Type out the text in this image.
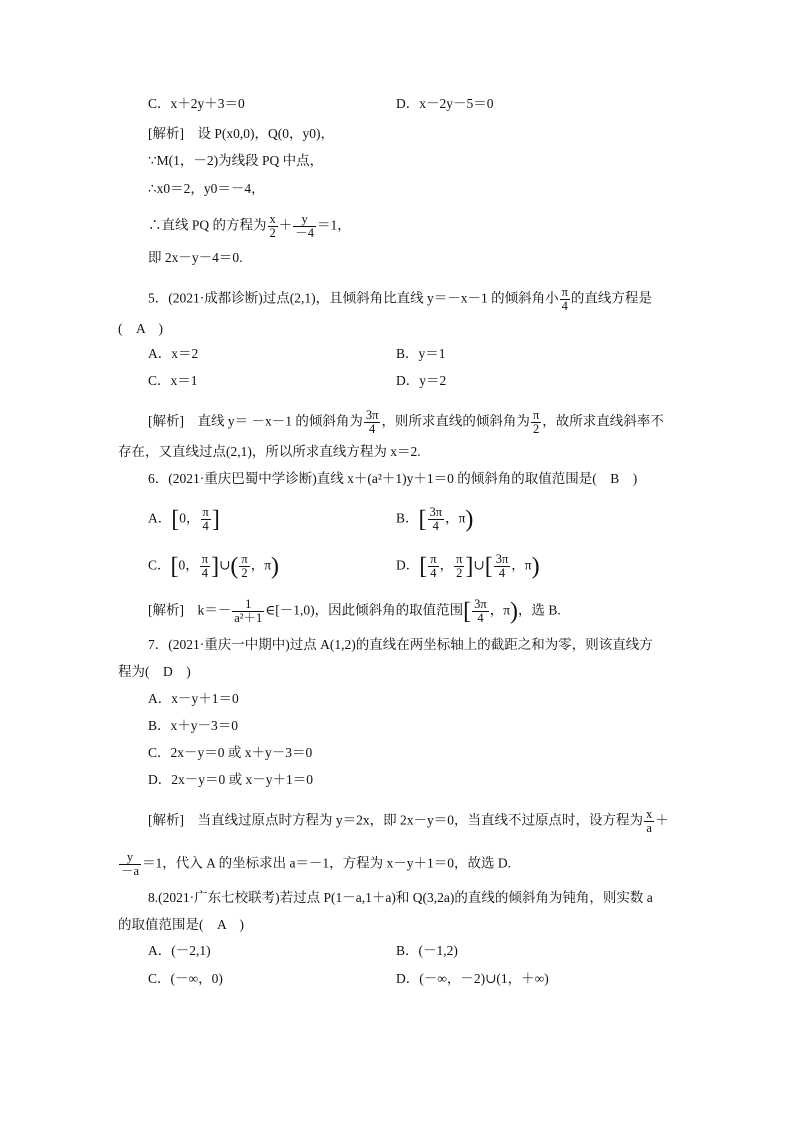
C．x＋2y＋3＝0	D．x－2y－5＝0
[解析]　设 P(x0,0)，Q(0，y0)，
∵M(1，－2)为线段 PQ 中点，
∴x0＝2，y0＝－4，
∴直线 PQ 的方程为 $\frac{x}{2} + \frac{y}{-4} =1$，
即 2x－y－4＝0.
5．(2021·成都诊断)过点(2,1)，且倾斜角比直线 y＝－x－1 的倾斜角小 $\frac{\pi}{4}$ 的直线方程是
(　A　)
A．x＝2	B．y＝1
C．x＝1	D．y＝2
[解析]　直线 y＝ －x－1 的倾斜角为 $\frac{3\pi}{4}$ ，则所求直线的倾斜角为 $\frac{\pi}{2}$ ，故所求直线斜率不
存在，又直线过点(2,1)，所以所求直线方程为 x＝2.
6．(2021·重庆巴蜀中学诊断)直线 x＋(a²＋1)y＋1＝0 的倾斜角的取值范围是(　B　)
A．[0， $\frac{\pi}{4}$ ]	B．[ $\frac{3\pi}{4}$ ，π)
C．[0， $\frac{\pi}{4}$ ]∪( $\frac{\pi}{2}$ ，π)	D．[ $\frac{\pi}{4}$ ， $\frac{\pi}{2}$ ]∪[ $\frac{3\pi}{4}$ ，π)
[解析]　$k=- \frac{1}{\text{a²＋1}}$ ∈[－1,0)，因此倾斜角的取值范围[ $\frac{3\pi}{4}$ ，π)，选 B.
7．(2021·重庆一中期中)过点 A(1,2)的直线在两坐标轴上的截距之和为零，则该直线方
程为(　D　)
A．x－y＋1＝0
B．x＋y－3＝0
C．2x－y＝0 或 x＋y－3＝0
D．2x－y＝0 或 x－y＋1＝0
[解析]　当直线过原点时方程为 y＝2x，即 2x－y＝0，当直线不过原点时，设方程为 $\frac{x}{a}$ ＋
$\frac{y}{-a} =1$，代入 A 的坐标求出 a＝－1，方程为 x－y＋1＝0，故选 D.
8.(2021·广东七校联考)若过点 P(1－a,1＋a)和 Q(3,2a)的直线的倾斜角为钝角，则实数 a
的取值范围是(　A　)
A．(－2,1)	B．(－1,2)
C．(－∞，0)	D．(－∞，－2)∪(1，＋∞)
